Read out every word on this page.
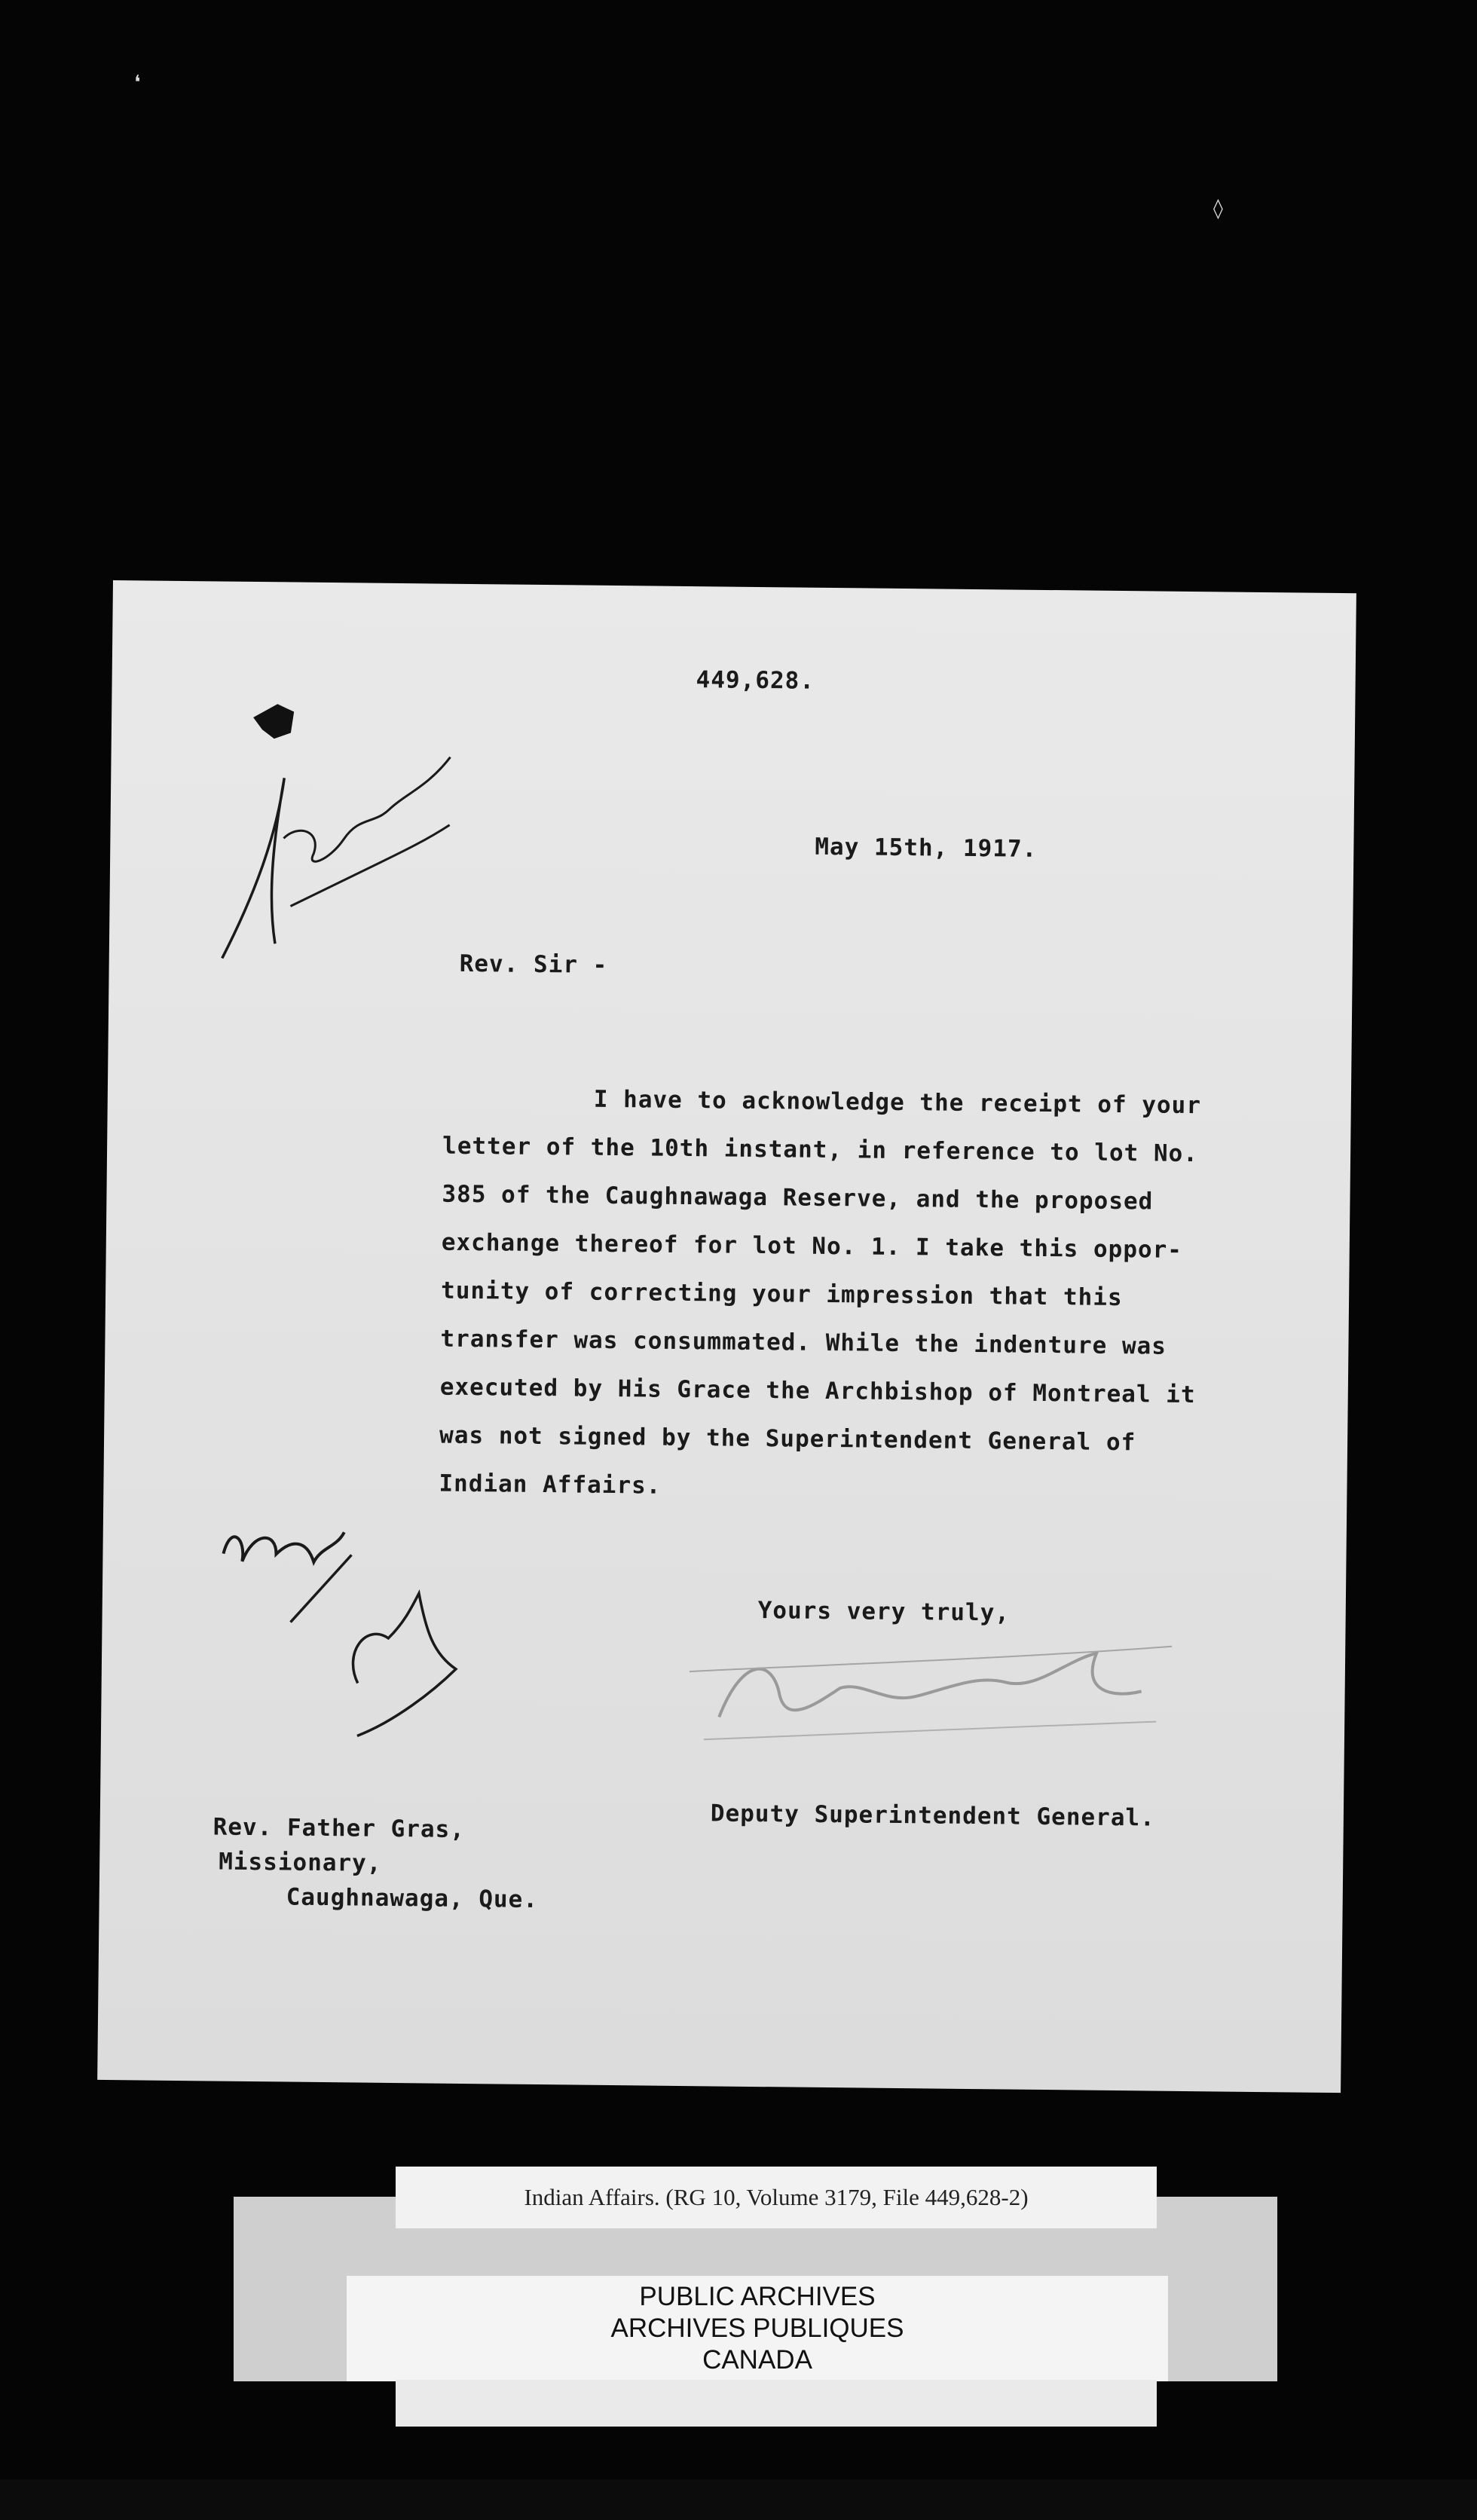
❛
◊
449,628.
May 15th, 1917.
Rev. Sir -
I have to acknowledge the receipt of your
letter of the 10th instant, in reference to lot No.
385 of the Caughnawaga Reserve, and the proposed
exchange thereof for lot No. 1. I take this oppor-
tunity of correcting your impression that this
transfer was consummated. While the indenture was
executed by His Grace the Archbishop of Montreal it
was not signed by the Superintendent General of
Indian Affairs.
Yours very truly,
Deputy Superintendent General.
Rev. Father Gras,
Missionary,
Caughnawaga, Que.
Indian Affairs. (RG 10, Volume 3179, File 449,628-2)
PUBLIC ARCHIVES
ARCHIVES PUBLIQUES
CANADA
